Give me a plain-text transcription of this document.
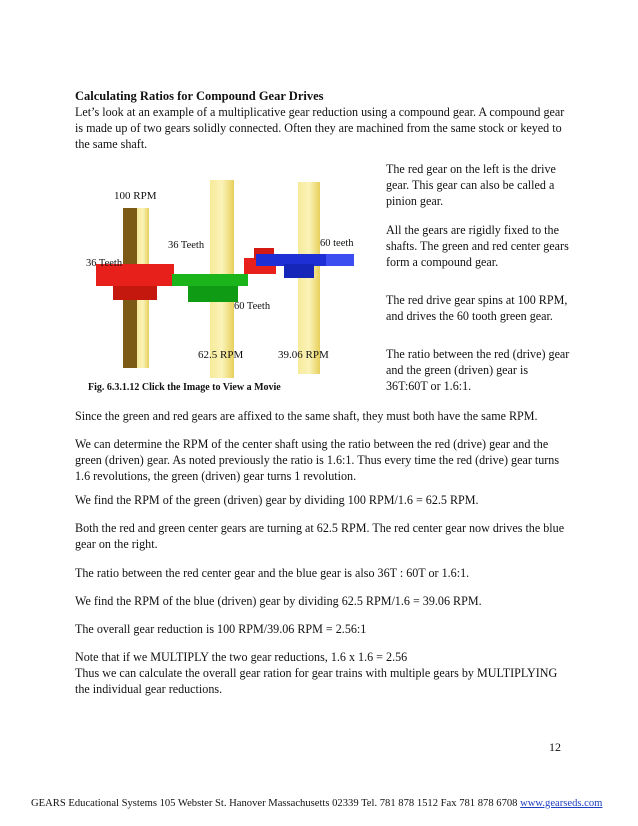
Calculating Ratios for Compound Gear Drives
Let’s look at an example of a multiplicative gear reduction using a compound gear. A compound gear is made up of two gears solidly connected. Often they are machined from the same stock or keyed to the same shaft.
100 RPM
36 Teeth
36 Teeth
60 Teeth
60 teeth
62.5 RPM	39.06 RPM
Fig. 6.3.1.12 Click the Image to View a Movie
The red gear on the left is the drive gear. This gear can also be called a pinion gear.
All the gears are rigidly fixed to the shafts. The green and red center gears form a compound gear.
The red drive gear spins at 100 RPM, and drives the 60 tooth green gear.
The ratio between the red (drive) gear and the green (driven) gear is 36T:60T or 1.6:1.
Since the green and red gears are affixed to the same shaft, they must both have the same RPM.
We can determine the RPM of the center shaft using the ratio between the red (drive) gear and the green (driven) gear. As noted previously the ratio is 1.6:1. Thus every time the red (drive) gear turns 1.6 revolutions, the green (driven) gear turns 1 revolution.
We find the RPM of the green (driven) gear by dividing 100 RPM/1.6 = 62.5 RPM.
Both the red and green center gears are turning at 62.5 RPM. The red center gear now drives the blue gear on the right.
The ratio between the red center gear and the blue gear is also 36T : 60T or 1.6:1.
We find the RPM of the blue (driven) gear by dividing 62.5 RPM/1.6 = 39.06 RPM.
The overall gear reduction is 100 RPM/39.06 RPM = 2.56:1
Note that if we MULTIPLY the two gear reductions, 1.6 x 1.6 = 2.56
Thus we can calculate the overall gear ration for gear trains with multiple gears by MULTIPLYING the individual gear reductions.
12
GEARS Educational Systems 105 Webster St. Hanover Massachusetts 02339 Tel. 781 878 1512 Fax 781 878 6708 www.gearseds.com
